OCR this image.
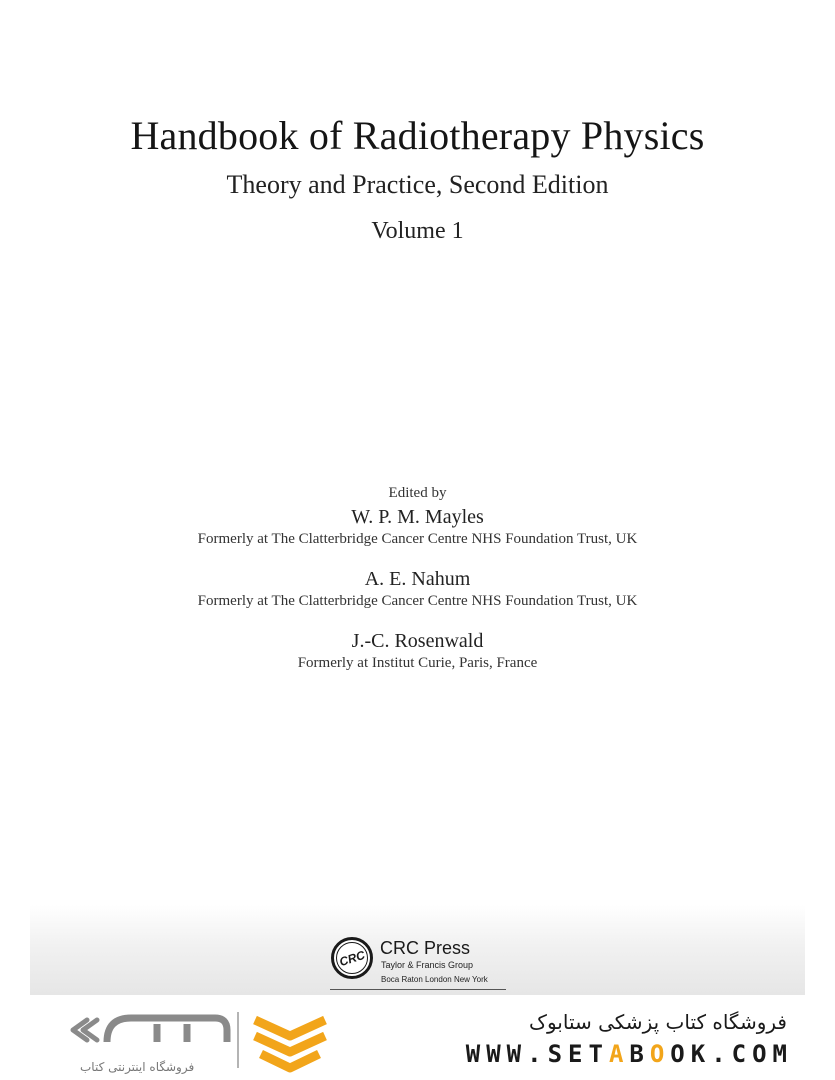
Handbook of Radiotherapy Physics
Theory and Practice, Second Edition
Volume 1
Edited by
W. P. M. Mayles
Formerly at The Clatterbridge Cancer Centre NHS Foundation Trust, UK
A. E. Nahum
Formerly at The Clatterbridge Cancer Centre NHS Foundation Trust, UK
J.-C. Rosenwald
Formerly at Institut Curie, Paris, France
CRC CRC Press
Taylor & Francis Group
Boca Raton London New York
فروشگاه اینترنتی کتاب
فروشگاه کتاب پزشکی ستابوک
WWW.SETABOOK.COM
